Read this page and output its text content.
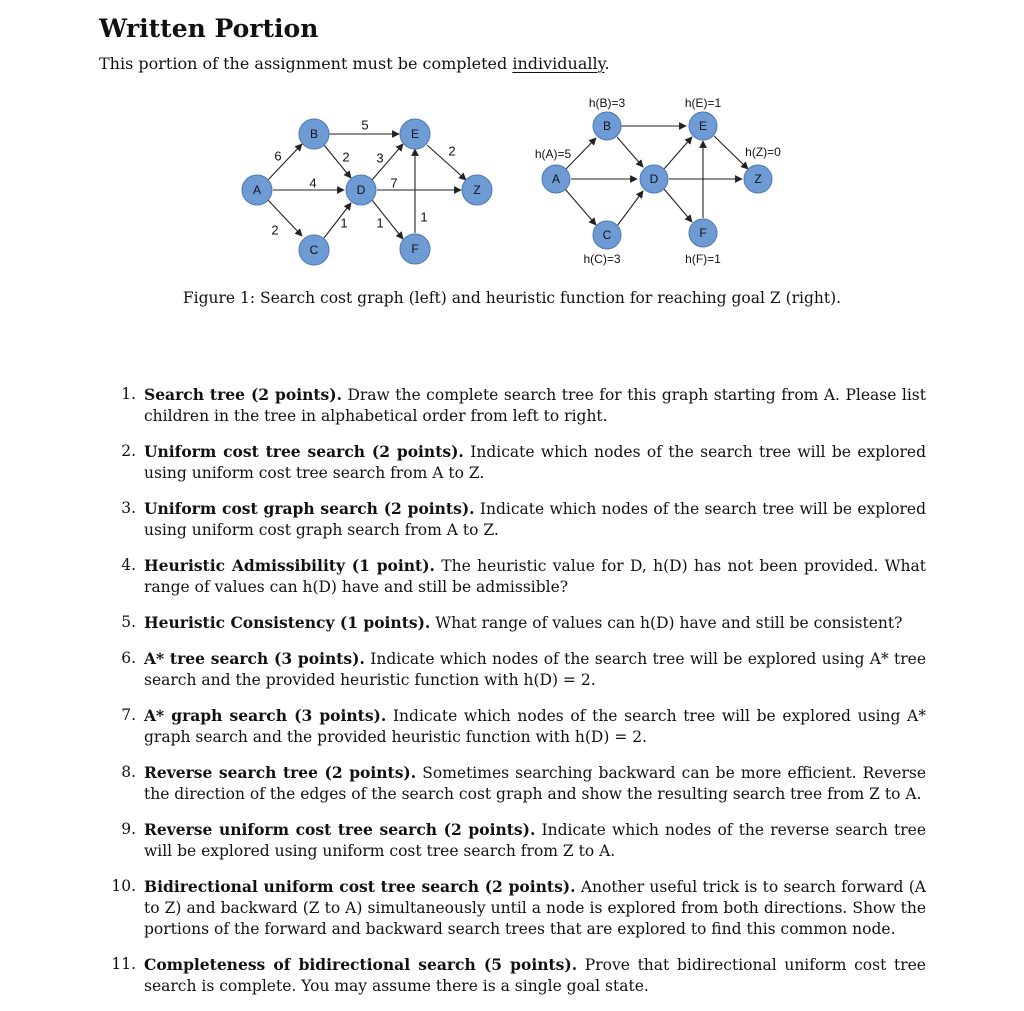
Written Portion
This portion of the assignment must be completed individually.
6
4
2
5
2
1
3
7
1	1
2
A
B
C
D
E
F
Z
h(B)=3	h(E)=1
h(A)=5	h(Z)=0
h(C)=3	h(F)=1
A
B
C
D
E
F
Z
Figure 1: Search cost graph (left) and heuristic function for reaching goal Z (right).
1. Search tree (2 points). Draw the complete search tree for this graph starting from A. Please list children in the tree in alphabetical order from left to right.
2. Uniform cost tree search (2 points). Indicate which nodes of the search tree will be explored using uniform cost tree search from A to Z.
3. Uniform cost graph search (2 points). Indicate which nodes of the search tree will be explored using uniform cost graph search from A to Z.
4. Heuristic Admissibility (1 point). The heuristic value for D, h(D) has not been provided. What range of values can h(D) have and still be admissible?
5. Heuristic Consistency (1 points). What range of values can h(D) have and still be consistent?
6. A* tree search (3 points). Indicate which nodes of the search tree will be explored using A* tree search and the provided heuristic function with h(D) = 2.
7. A* graph search (3 points). Indicate which nodes of the search tree will be explored using A* graph search and the provided heuristic function with h(D) = 2.
8. Reverse search tree (2 points). Sometimes searching backward can be more efficient. Reverse the direction of the edges of the search cost graph and show the resulting search tree from Z to A.
9. Reverse uniform cost tree search (2 points). Indicate which nodes of the reverse search tree will be explored using uniform cost tree search from Z to A.
10. Bidirectional uniform cost tree search (2 points). Another useful trick is to search forward (A to Z) and backward (Z to A) simultaneously until a node is explored from both directions. Show the portions of the forward and backward search trees that are explored to find this common node.
11. Completeness of bidirectional search (5 points). Prove that bidirectional uniform cost tree search is complete. You may assume there is a single goal state.
